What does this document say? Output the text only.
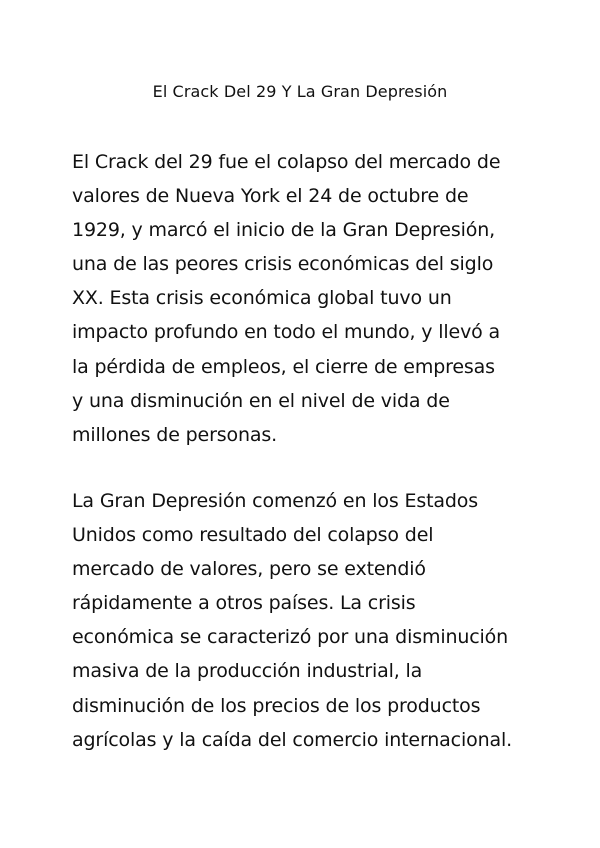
El Crack Del 29 Y La Gran Depresión

El Crack del 29 fue el colapso del mercado de
valores de Nueva York el 24 de octubre de
1929, y marcó el inicio de la Gran Depresión,
una de las peores crisis económicas del siglo
XX. Esta crisis económica global tuvo un
impacto profundo en todo el mundo, y llevó a
la pérdida de empleos, el cierre de empresas
y una disminución en el nivel de vida de
millones de personas.

La Gran Depresión comenzó en los Estados
Unidos como resultado del colapso del
mercado de valores, pero se extendió
rápidamente a otros países. La crisis
económica se caracterizó por una disminución
masiva de la producción industrial, la
disminución de los precios de los productos
agrícolas y la caída del comercio internacional.
